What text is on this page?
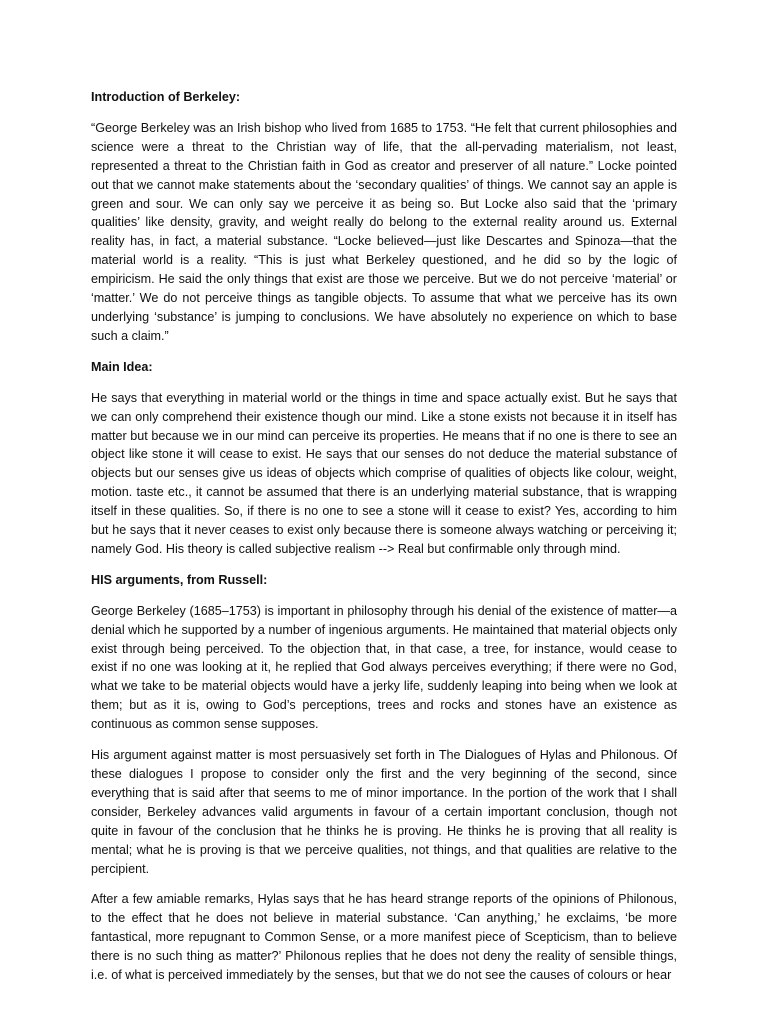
Introduction of Berkeley:

“George Berkeley was an Irish bishop who lived from 1685 to 1753. “He felt that current philosophies and science were a threat to the Christian way of life, that the all-pervading materialism, not least, represented a threat to the Christian faith in God as creator and preserver of all nature.” Locke pointed out that we cannot make statements about the ‘secondary qualities’ of things. We cannot say an apple is green and sour. We can only say we perceive it as being so. But Locke also said that the ‘primary qualities’ like density, gravity, and weight really do belong to the external reality around us. External reality has, in fact, a material substance. “Locke believed—just like Descartes and Spinoza—that the material world is a reality. “This is just what Berkeley questioned, and he did so by the logic of empiricism. He said the only things that exist are those we perceive. But we do not perceive ‘material’ or ‘matter.’ We do not perceive things as tangible objects. To assume that what we perceive has its own underlying ‘substance’ is jumping to conclusions. We have absolutely no experience on which to base such a claim.”

Main Idea:

He says that everything in material world or the things in time and space actually exist. But he says that we can only comprehend their existence though our mind. Like a stone exists not because it in itself has matter but because we in our mind can perceive its properties. He means that if no one is there to see an object like stone it will cease to exist. He says that our senses do not deduce the material substance of objects but our senses give us ideas of objects which comprise of qualities of objects like colour, weight, motion. taste etc., it cannot be assumed that there is an underlying material substance, that is wrapping itself in these qualities. So, if there is no one to see a stone will it cease to exist? Yes, according to him but he says that it never ceases to exist only because there is someone always watching or perceiving it; namely God. His theory is called subjective realism --> Real but confirmable only through mind.

HIS arguments, from Russell:

George Berkeley (1685–1753) is important in philosophy through his denial of the existence of matter—a denial which he supported by a number of ingenious arguments. He maintained that material objects only exist through being perceived. To the objection that, in that case, a tree, for instance, would cease to exist if no one was looking at it, he replied that God always perceives everything; if there were no God, what we take to be material objects would have a jerky life, suddenly leaping into being when we look at them; but as it is, owing to God’s perceptions, trees and rocks and stones have an existence as continuous as common sense supposes.

His argument against matter is most persuasively set forth in The Dialogues of Hylas and Philonous. Of these dialogues I propose to consider only the first and the very beginning of the second, since everything that is said after that seems to me of minor importance. In the portion of the work that I shall consider, Berkeley advances valid arguments in favour of a certain important conclusion, though not quite in favour of the conclusion that he thinks he is proving. He thinks he is proving that all reality is mental; what he is proving is that we perceive qualities, not things, and that qualities are relative to the percipient.

After a few amiable remarks, Hylas says that he has heard strange reports of the opinions of Philonous, to the effect that he does not believe in material substance. ‘Can anything,’ he exclaims, ‘be more fantastical, more repugnant to Common Sense, or a more manifest piece of Scepticism, than to believe there is no such thing as matter?’ Philonous replies that he does not deny the reality of sensible things, i.e. of what is perceived immediately by the senses, but that we do not see the causes of colours or hear
